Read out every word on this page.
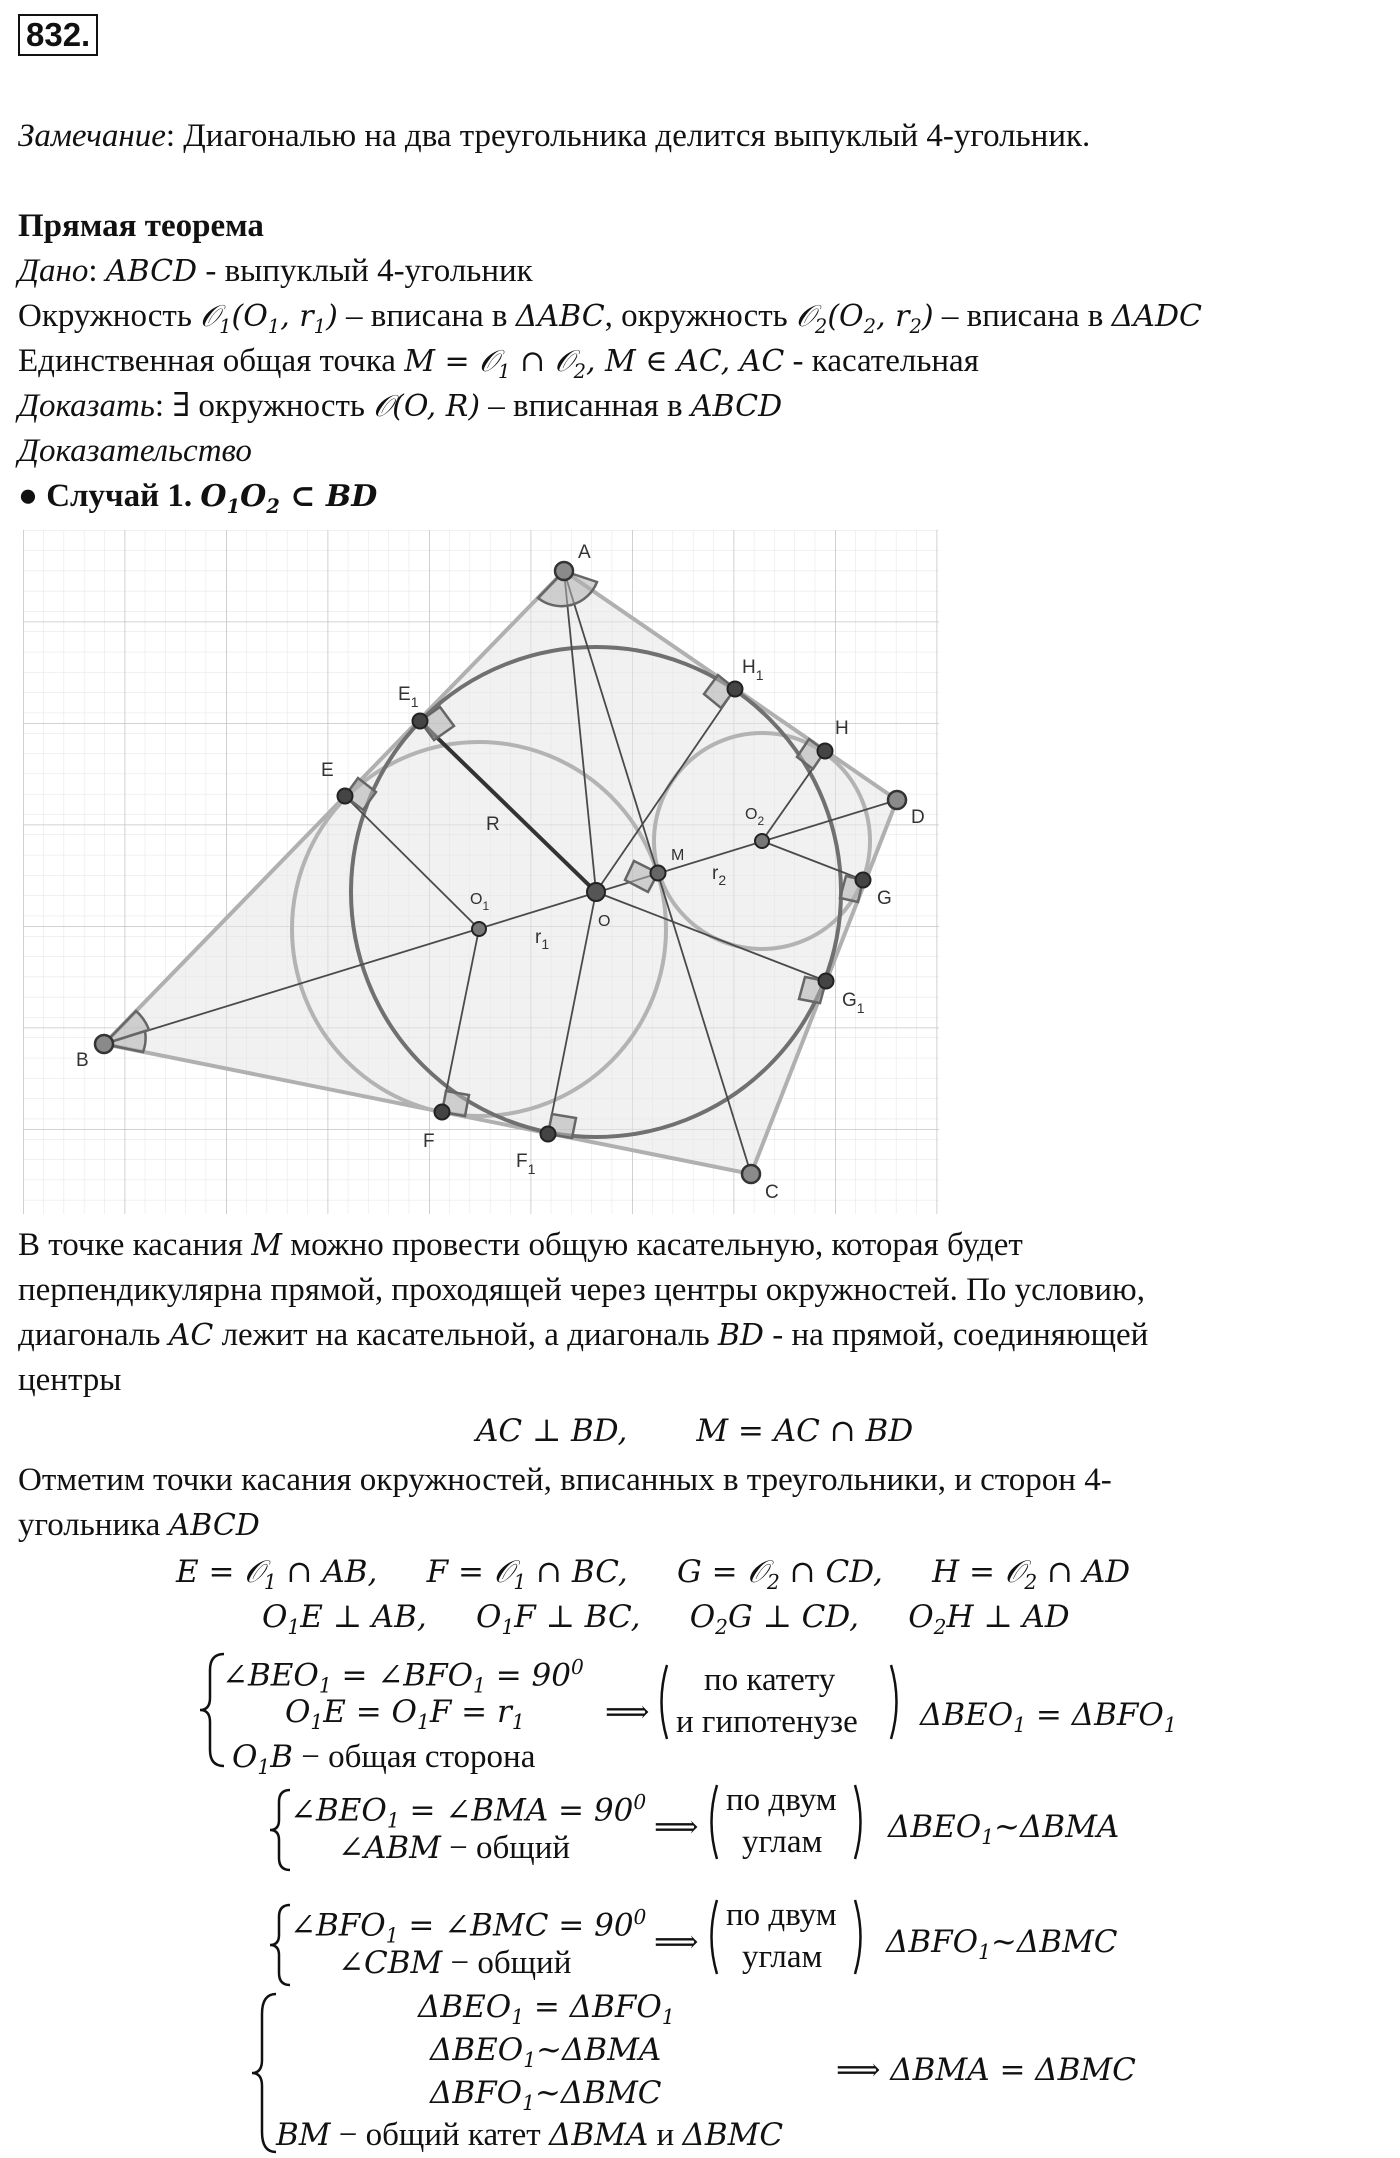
832.
Замечание: Диагональю на два треугольника делится выпуклый 4-угольник.
Прямая теорема
Дано: ABCD - выпуклый 4-угольник
Окружность $𝒪_1(O_1$, $r_1$) – вписана в ΔABC, окружность $𝒪_2(O_2$, $r_2$) – вписана в ΔADC
Единственная общая точка M = 𝒪$_1$ ∩ 𝒪$_2$, M ∈ AC, AC - касательная
Доказать: ∃ окружность 𝒪(O, R) – вписанная в ABCD
Доказательство
● Случай 1. $O_1O_2$ ⊂ BD
A
B
C
D
E
$E_1$
F
$F_1$
G
$G_1$
H
$H_1$
M
O
$O_1$
$O_2$
R
$r_1$
$r_2$
В точке касания M можно провести общую касательную, которая будет
перпендикулярна прямой, проходящей через центры окружностей. По условию,
диагональ AC лежит на касательной, а диагональ BD - на прямой, соединяющей
центры
AC ⊥ BD,       M = AC ∩ BD
Отметим точки касания окружностей, вписанных в треугольники, и сторон 4-
угольника ABCD
E = 𝒪$_1$ ∩ AB,     F = 𝒪$_1$ ∩ BC,     G = 𝒪$_2$ ∩ CD,     H = 𝒪$_2$ ∩ AD
$O_1E$ ⊥ AB,     $O_1F$ ⊥ BC,     $O_2G$ ⊥ CD,     $O_2H$ ⊥ AD
$\angle BEO_1$ = $\angle BFO_1 = 90^0$
$O_1E = O_1F = r_1$
$O_1B$ − общая сторона
⟹
по катету
и гипотенузе $\Delta BEO_1 = \Delta BFO_1$
$\angle BEO_1$ = ∠BMA = $90^0$
∠ABM − общий
⟹
по двум
углам $\Delta BEO_1\sim\Delta BMA$
$\angle BFO_1$ = ∠BMC = $90^0$
∠CBM − общий
⟹
по двум
углам $\Delta BFO_1\sim\Delta BMC$
$\Delta BEO_1 = \Delta BFO_1$
$\Delta BEO_1\sim\Delta BMA$
$\Delta BFO_1\sim\Delta BMC$
BM − общий катет ΔBMA и ΔBMC
⟹ ΔBMA = ΔBMC
